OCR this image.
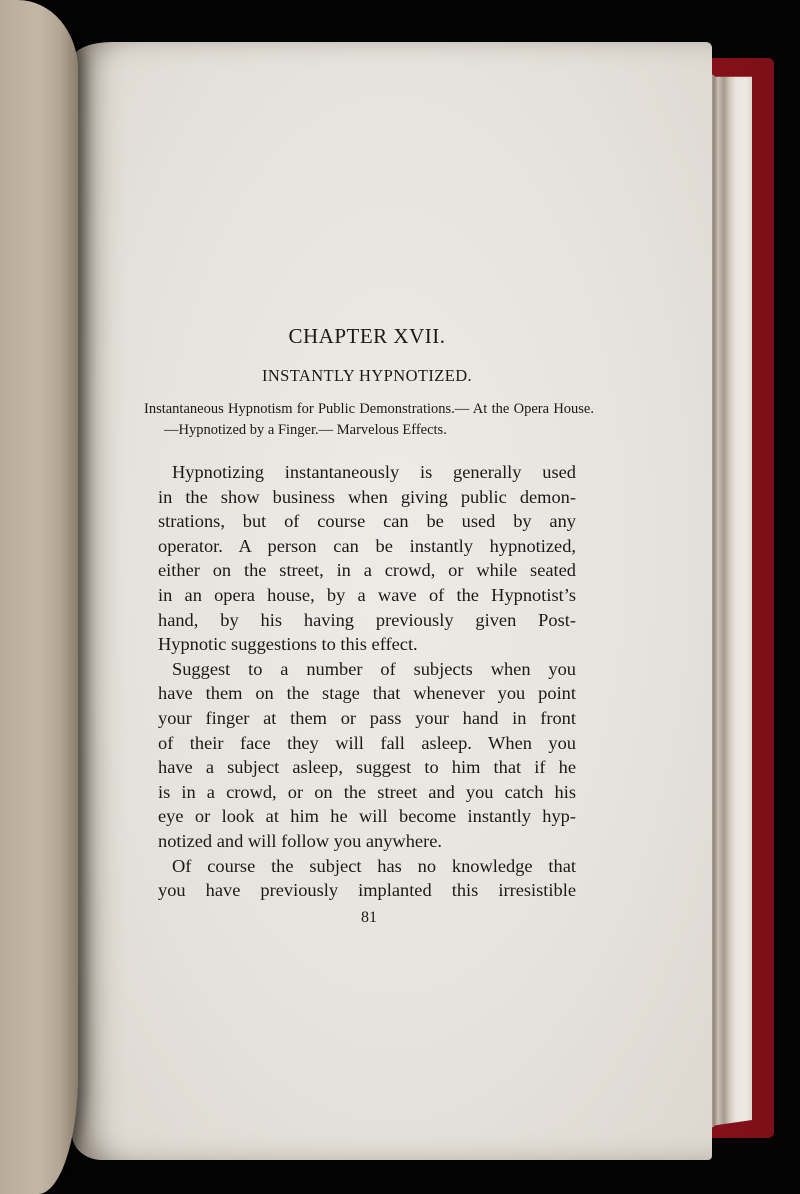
CHAPTER XVII.
INSTANTLY HYPNOTIZED.
Instantaneous Hypnotism for Public Demonstrations.— At the Opera House.—Hypnotized by a Finger.— Marvelous Effects.

Hypnotizing instantaneously is generally used
in the show business when giving public demon-
strations, but of course can be used by any
operator. A person can be instantly hypnotized,
either on the street, in a crowd, or while seated
in an opera house, by a wave of the Hypnotist’s
hand, by his having previously given Post-
Hypnotic suggestions to this effect.

Suggest to a number of subjects when you
have them on the stage that whenever you point
your finger at them or pass your hand in front
of their face they will fall asleep. When you
have a subject asleep, suggest to him that if he
is in a crowd, or on the street and you catch his
eye or look at him he will become instantly hyp-
notized and will follow you anywhere.

Of course the subject has no knowledge that
you have previously implanted this irresistible

81
